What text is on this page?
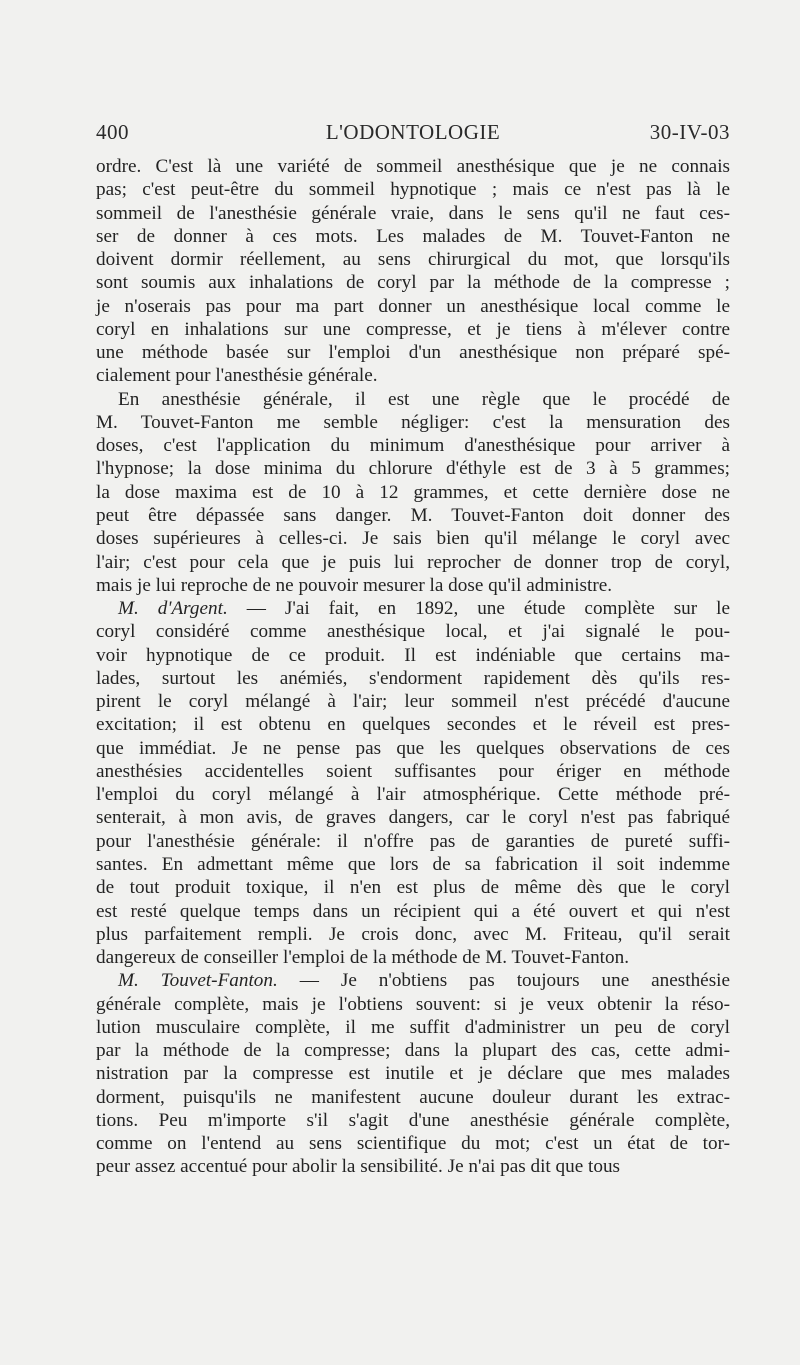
400	L'ODONTOLOGIE	30-IV-03
ordre. C'est là une variété de sommeil anesthésique que je ne connais
pas; c'est peut-être du sommeil hypnotique ; mais ce n'est pas là le
sommeil de l'anesthésie générale vraie, dans le sens qu'il ne faut ces-
ser de donner à ces mots. Les malades de M. Touvet-Fanton ne
doivent dormir réellement, au sens chirurgical du mot, que lorsqu'ils
sont soumis aux inhalations de coryl par la méthode de la compresse ;
je n'oserais pas pour ma part donner un anesthésique local comme le
coryl en inhalations sur une compresse, et je tiens à m'élever contre
une méthode basée sur l'emploi d'un anesthésique non préparé spé-
cialement pour l'anesthésie générale.
En anesthésie générale, il est une règle que le procédé de
M. Touvet-Fanton me semble négliger: c'est la mensuration des
doses, c'est l'application du minimum d'anesthésique pour arriver à
l'hypnose; la dose minima du chlorure d'éthyle est de 3 à 5 grammes;
la dose maxima est de 10 à 12 grammes, et cette dernière dose ne
peut être dépassée sans danger. M. Touvet-Fanton doit donner des
doses supérieures à celles-ci. Je sais bien qu'il mélange le coryl avec
l'air; c'est pour cela que je puis lui reprocher de donner trop de coryl,
mais je lui reproche de ne pouvoir mesurer la dose qu'il administre.
M. d'Argent. — J'ai fait, en 1892, une étude complète sur le
coryl considéré comme anesthésique local, et j'ai signalé le pou-
voir hypnotique de ce produit. Il est indéniable que certains ma-
lades, surtout les anémiés, s'endorment rapidement dès qu'ils res-
pirent le coryl mélangé à l'air; leur sommeil n'est précédé d'aucune
excitation; il est obtenu en quelques secondes et le réveil est pres-
que immédiat. Je ne pense pas que les quelques observations de ces
anesthésies accidentelles soient suffisantes pour ériger en méthode
l'emploi du coryl mélangé à l'air atmosphérique. Cette méthode pré-
senterait, à mon avis, de graves dangers, car le coryl n'est pas fabriqué
pour l'anesthésie générale: il n'offre pas de garanties de pureté suffi-
santes. En admettant même que lors de sa fabrication il soit indemme
de tout produit toxique, il n'en est plus de même dès que le coryl
est resté quelque temps dans un récipient qui a été ouvert et qui n'est
plus parfaitement rempli. Je crois donc, avec M. Friteau, qu'il serait
dangereux de conseiller l'emploi de la méthode de M. Touvet-Fanton.
M. Touvet-Fanton. — Je n'obtiens pas toujours une anesthésie
générale complète, mais je l'obtiens souvent: si je veux obtenir la réso-
lution musculaire complète, il me suffit d'administrer un peu de coryl
par la méthode de la compresse; dans la plupart des cas, cette admi-
nistration par la compresse est inutile et je déclare que mes malades
dorment, puisqu'ils ne manifestent aucune douleur durant les extrac-
tions. Peu m'importe s'il s'agit d'une anesthésie générale complète,
comme on l'entend au sens scientifique du mot; c'est un état de tor-
peur assez accentué pour abolir la sensibilité. Je n'ai pas dit que tous
